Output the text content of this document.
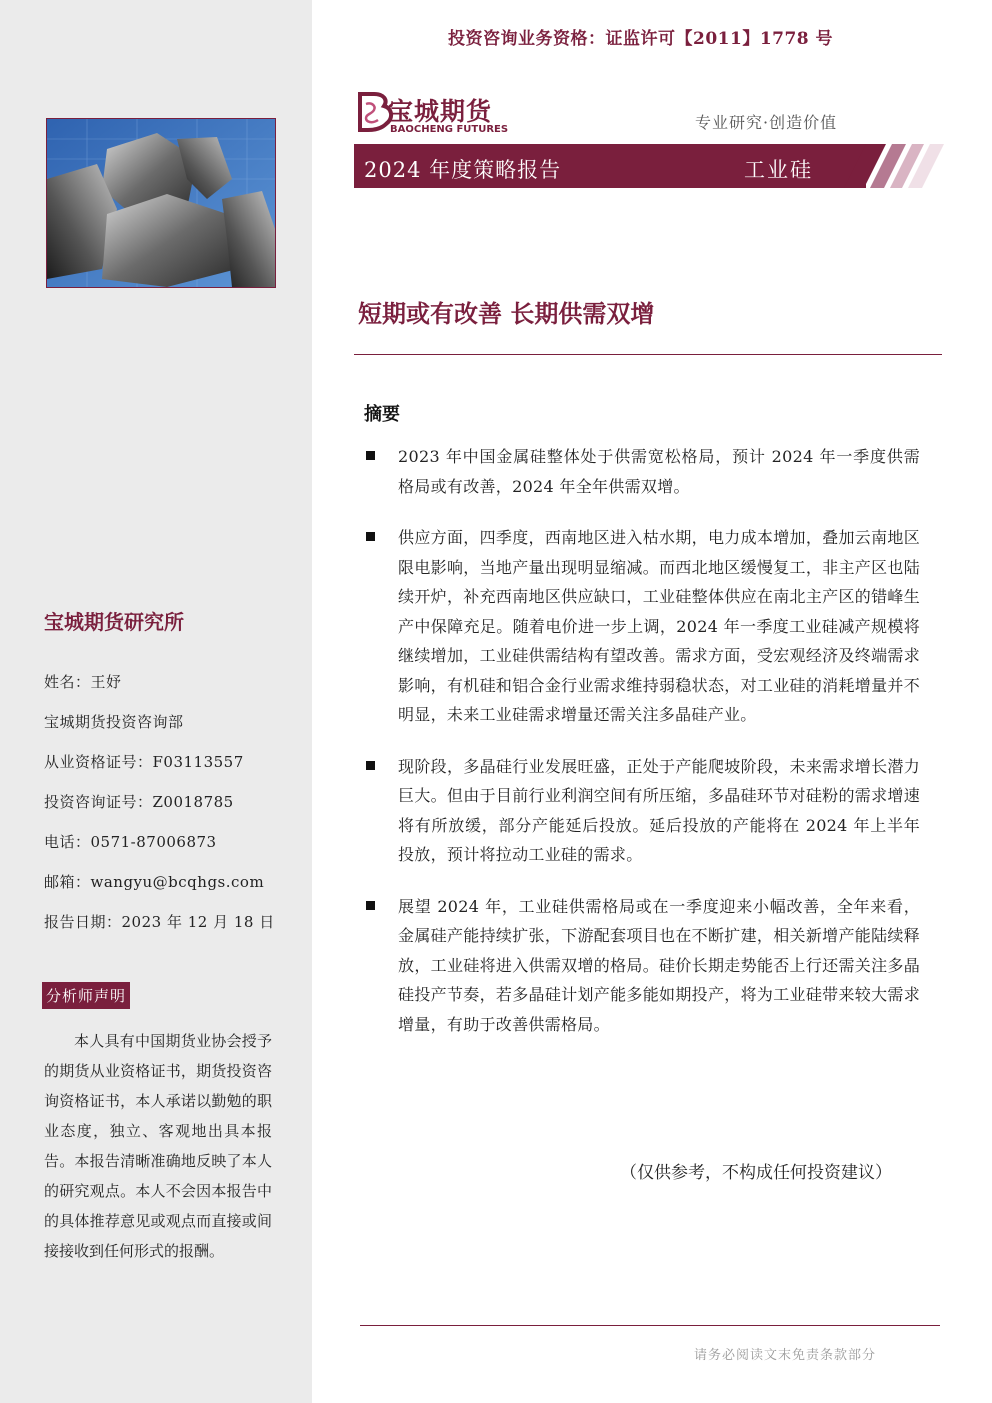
投资咨询业务资格：证监许可【2011】1778 号
宝城期货
BAOCHENG FUTURES	专业研究·创造价值
2024 年度策略报告	工业硅
短期或有改善 长期供需双增
摘要
2023 年中国金属硅整体处于供需宽松格局，预计 2024 年一季度供需格局或有改善，2024 年全年供需双增。
供应方面，四季度，西南地区进入枯水期，电力成本增加，叠加云南地区限电影响，当地产量出现明显缩减。而西北地区缓慢复工，非主产区也陆续开炉，补充西南地区供应缺口，工业硅整体供应在南北主产区的错峰生产中保障充足。随着电价进一步上调，2024 年一季度工业硅减产规模将继续增加，工业硅供需结构有望改善。需求方面，受宏观经济及终端需求影响，有机硅和铝合金行业需求维持弱稳状态，对工业硅的消耗增量并不明显，未来工业硅需求增量还需关注多晶硅产业。
现阶段，多晶硅行业发展旺盛，正处于产能爬坡阶段，未来需求增长潜力巨大。但由于目前行业利润空间有所压缩，多晶硅环节对硅粉的需求增速将有所放缓，部分产能延后投放。延后投放的产能将在 2024 年上半年投放，预计将拉动工业硅的需求。
展望 2024 年，工业硅供需格局或在一季度迎来小幅改善，全年来看，金属硅产能持续扩张，下游配套项目也在不断扩建，相关新增产能陆续释放，工业硅将进入供需双增的格局。硅价长期走势能否上行还需关注多晶硅投产节奏，若多晶硅计划产能多能如期投产，将为工业硅带来较大需求增量，有助于改善供需格局。
（仅供参考，不构成任何投资建议）
请务必阅读文末免责条款部分
宝城期货研究所
姓名：王妤
宝城期货投资咨询部
从业资格证号：F03113557
投资咨询证号：Z0018785
电话：0571-87006873
邮箱：wangyu@bcqhgs.com
报告日期：2023 年 12 月 18 日
分析师声明
本人具有中国期货业协会授予的期货从业资格证书，期货投资咨询资格证书，本人承诺以勤勉的职业态度，独立、客观地出具本报告。本报告清晰准确地反映了本人的研究观点。本人不会因本报告中的具体推荐意见或观点而直接或间接接收到任何形式的报酬。
